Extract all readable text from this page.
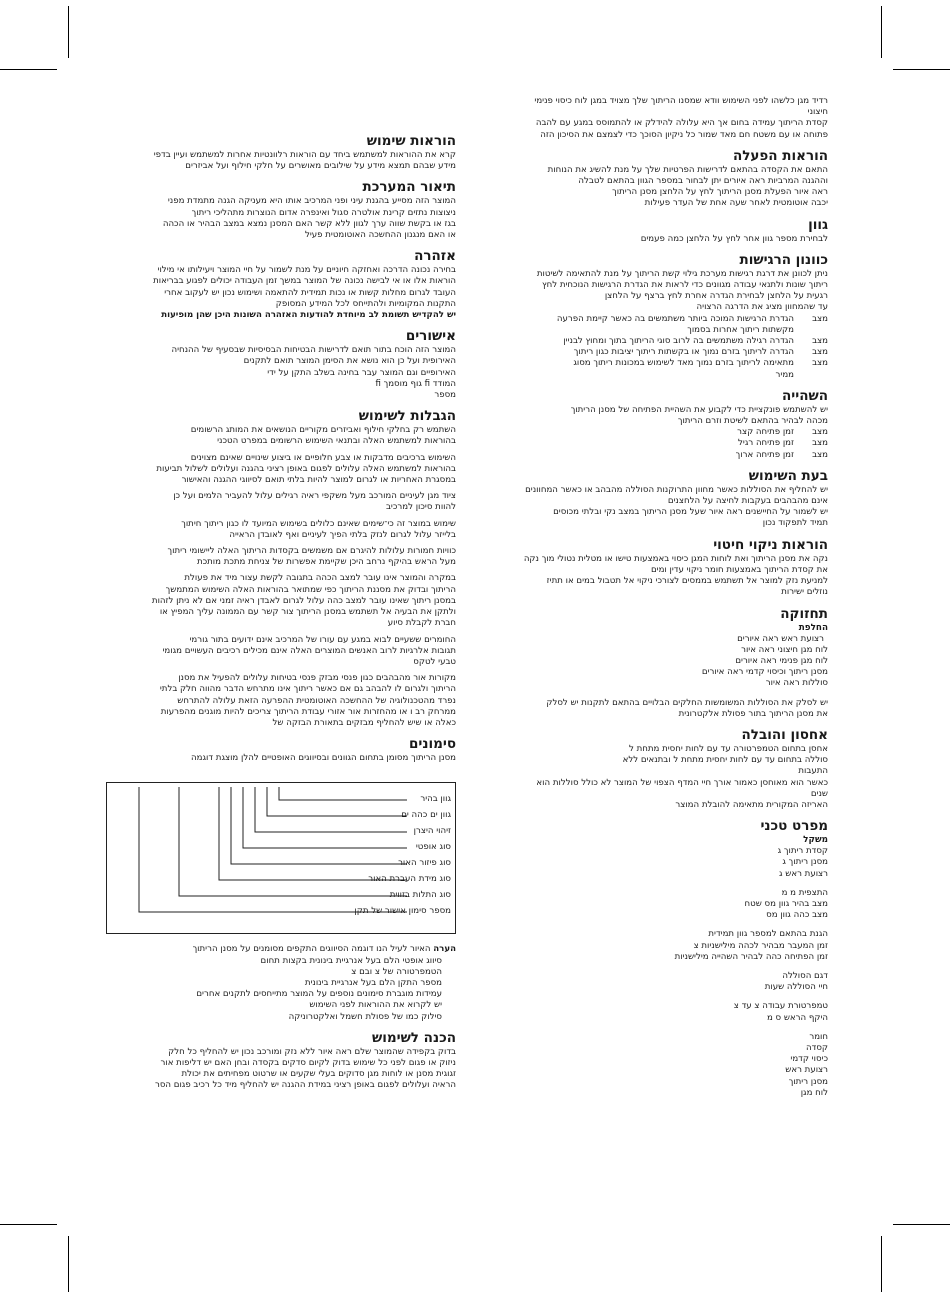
הוראות שימוש
קרא את ההוראות למשתמש ביחד עם הוראות רלוונטיות אחרות למשתמש ועיין בדפי
מידע שבהם תמצא מידע על שילובים מאושרים על חלקי חילוף ועל אביזרים
תיאור המערכת
המוצר הזה מסייע בהגנת עיני ופני המרכיב אותו היא מעניקה הגנה מתמדת מפני
ניצוצות נתזים קרינת אולטרה סגול ואינפרה אדום הנוצרות מתהליכי ריתוך
בגז או בקשת שווה ערך לגוון ללא קשר האם המסנן נמצא במצב הבהיר או הכהה
או האם מנגנון ההחשכה האוטומטית פעיל
אזהרה
בחירה נכונה הדרכה ואחזקה חיוניים על מנת לשמור על חיי המוצר ויעילותו אי מילוי
הוראות אלו או אי לבישה נכונה של המוצר במשך זמן העבודה יכולים לפגוע בבריאות
העובד לגרום מחלות קשות או נכות תמידית להתאמה ושימוש נכון יש לעקוב אחרי
התקנות המקומיות ולהתייחס לכל המידע המסופק
יש להקדיש תשומת לב מיוחדת להודעות האזהרה השונות היכן שהן מופיעות
אישורים
המוצר הזה הוכח בתור תואם לדרישות הבטיחות הבסיסיות שבסעיף של ההנחיה
האירופית ועל כן הוא נושא את הסימן המוצר תואם לתקנים
האירופיים וגם המוצר עבר בחינה בשלב התקן על ידי
המודד fi גוף מוסמך fi
מספר
הגבלות לשימוש
השתמש רק בחלקי חילוף ואביזרים מקוריים הנושאים את המותג הרשומים
בהוראות למשתמש האלה ובתנאי השימוש הרשומים במפרט הטכני
השימוש ברכיבים מדבקות או צבע חלופיים או ביצוע שינויים שאינם מצוינים
בהוראות למשתמש האלה עלולים לפגום באופן רציני בהגנה ועלולים לשלול תביעות
במסגרת האחריות או לגרום למוצר להיות בלתי תואם לסיווגי ההגנה והאישור
ציוד מגן לעיניים המורכב מעל משקפי ראיה רגילים עלול להעביר הלמים ועל כן
להוות סיכון למרכיב
שימוש במוצר זה כי־שימים שאינם כלולים בשימוש המיועד לו כגון ריתוך חיתוך
בלייזר עלול לגרום לנזק בלתי הפיך לעיניים ואף לאובדן הראייה
כוויות חמורות עלולות להיגרם אם משמשים בקסדות הריתוך האלה ליישומי ריתוך
מעל הראש בהיקף נרחב היכן שקיימת אפשרות של צניחת מתכת מותכת
במקרה והמוצר אינו עובר למצב הכהה בתגובה לקשת עצור מיד את פעולת
הריתוך ובדוק את מסננת הריתוך כפי שמתואר בהוראות האלה השימוש המתמשך
במסנן ריתוך שאינו עובר למצב כהה עלול לגרום לאבדן ראיה זמני אם לא ניתן לזהות
ולתקן את הבעיה אל תשתמש במסנן הריתוך צור קשר עם הממונה עליך המפיץ או
חברת לקבלת סיוע
החומרים ששעיים לבוא במגע עם עורו של המרכיב אינם ידועים בתור גורמי
תגובות אלרגיות לרוב האנשים המוצרים האלה אינם מכילים רכיבים העשויים מגומי
טבעי לטקס
מקורות אור מהבהבים כגון פנסי מבזק פנסי בטיחות עלולים להפעיל את מסנן
הריתוך ולגרום לו להבהב גם אם כאשר ריתוך אינו מתרחש הדבר מהווה חלק בלתי
נפרד מהטכנולוגיה של ההחשכה האוטומטית ההפרעה הזאת עלולה להתרחש
ממרחק רב ו או מהחזרות אור אזורי עבודת הריתוך צריכים להיות מוגנים מהפרעות
כאלה או שיש להחליף מבזקים בתאורת הבזקה של
סימונים
מסנן הריתוך מסומן בתחום הגוונים ובסיווגים האופטיים להלן מוצגת דוגמה
גוון בהיר
גוון ים כהה ים
זיהוי היצרן
סוג אופטי
סוג פיזור האור
סוג מידת העברת האור
סוג התלות בזווית
מספר סימון אישור של תקן
הערה האיור לעיל הנו דוגמה הסיווגים התקפים מסומנים על מסנן הריתוך
סיווג אופטי הלם בעל אנרגיית בינונית בקצות תחום
הטמפרטורה של צ ובם צ
מספר התקן הלם בעל אנרגיית בינונית
עמידות מוגברת סימונים נוספים על המוצר מתייחסים לתקנים אחרים
יש לקרוא את ההוראות לפני השימוש
סילוק כמו של פסולת חשמל ואלקטרוניקה
הכנה לשימוש
בדוק בקפידה שהמוצר שלם ראה איור ללא נזק ומורכב נכון יש להחליף כל חלק
ניזוק או פגום לפני כל שימוש בדוק לקיום סדקים בקסדה ובחן האם יש דליפות אור
זגוגית מסנן או לוחות מגן סדוקים בעלי שקעים או שרטוט מפחיתים את יכולת
הראיה ועלולים לפגום באופן רציני במידת ההגנה יש להחליף מיד כל רכיב פגום הסר
רדיד מגן כלשהו לפני השימוש וודא שמסנו הריתוך שלך מצויד במגן לוח כיסוי פנימי
חיצוני
קסדת הריתוך עמידה בחום אך היא עלולה להידלק או להתמוסס במגע עם להבה
פתוחה או עם משטח חם מאד שמור כל ניקיון הסוכך כדי לצמצם את הסיכון הזה
הוראות הפעלה
התאם את הקסדה בהתאם לדרישות הפרטיות שלך על מנת להשיג את הנוחות
וההגנה המרביות ראה איורים יתן לבחור במספר הגוון בהתאם לטבלה
ראה איור הפעלת מסנן הריתוך לחץ על הלחצן מסנן הריתוך
יכבה אוטומטית לאחר שעה אחת של העדר פעילות
גוון
לבחירת מספר גוון אחר לחץ על הלחצן כמה פעמים
כוונון הרגישות
ניתן לכוונן את דרגת רגישות מערכת גילוי קשת הריתוך על מנת להתאימה לשיטות
ריתוך שונות ולתנאי עבודה מגוונים כדי לראות את הגדרת הרגישות הנוכחית לחץ
רגעית על הלחצן לבחירת הגדרה אחרת לחץ ברצף על הלחצן
עד שהמחוון מציג את הדרגה הרצויה
מצב
הגדרת הרגישות המוכה ביותר משתמשים בה כאשר קיימת הפרעה
מקשתות ריתוך אחרות בסמוך
מצב
הגדרה רגילה משתמשים בה לרוב סוגי הריתוך בתוך ומחוץ לבניין
מצב
הגדרה לריתוך בזרם נמוך או בקשתות ריתוך יציבות כגון ריתוך
מצב
מתאימה לריתוך בזרם נמוך מאד לשימוש במכונות ריתוך מסוג
ממיר
השהייה
יש להשתמש פונקציית כדי לקבוע את השהיית הפתיחה של מסנן הריתוך
מכהה לבהיר בהתאם לשיטת וזרם הריתוך
מצב
זמן פתיחה קצר
מצב
זמן פתיחה רגיל
מצב
זמן פתיחה ארוך
בעת השימוש
יש להחליף את הסוללות כאשר מחוון התרוקנות הסוללה מהבהב או כאשר המחוונים
אינם מהבהבים בעקבות לחיצה על הלחצנים
יש לשמור על החיישנים ראה איור שעל מסנן הריתוך במצב נקי ובלתי מכוסים
תמיד לתפקוד נכון
הוראות ניקוי חיטוי
נקה את מסנן הריתוך ואת לוחות המגן כיסוי באמצעות טישו או מטלית נטולי מוך נקה
את קסדת הריתוך באמצעות חומר ניקוי עדין ומים
למניעת נזק למוצר אל תשתמש בממסים לצורכי ניקוי אל תטבול במים או תתיז
נוזלים ישירות
תחזוקה
החלפת
רצועת ראש ראה איורים
לוח מגן חיצוני ראה איור
לוח מגן פנימי ראה איורים
מסנן ריתוך וכיסוי קדמי ראה איורים
סוללות ראה איור
יש לסלק את הסוללות המשומשות החלקים הבלויים בהתאם לתקנות יש לסלק
את מסנן הריתוך בתור פסולת אלקטרונית
אחסון והובלה
אחסן בתחום הטמפרטורה עד עם לחות יחסית מתחת ל
סוללה בתחום עד עם לחות יחסית מתחת ל ובתנאים ללא
התעבות
כאשר הוא מאוחסן כאמור אורך חיי המדף הצפוי של המוצר לא כולל סוללות הוא
שנים
האריזה המקורית מתאימה להובלת המוצר
מפרט טכני
משקל
קסדת ריתוך ג
מסנן ריתוך ג
רצועת ראש ג
התצפית מ מ
מצב בהיר גוון מס שטח
מצב כהה גוון מס
הגנת בהתאם למספר גוון תמידית
זמן המעבר מבהיר לכהה מילישניות צ
זמן הפתיחה כהה לבהיר השהייה מילישניות
דגם הסוללה
חיי הסוללה שעות
טמפרטורת עבודה צ עד צ
היקף הראש ס מ
חומר
קסדה
כיסוי קדמי
רצועת ראש
מסנן ריתוך
לוח מגן
